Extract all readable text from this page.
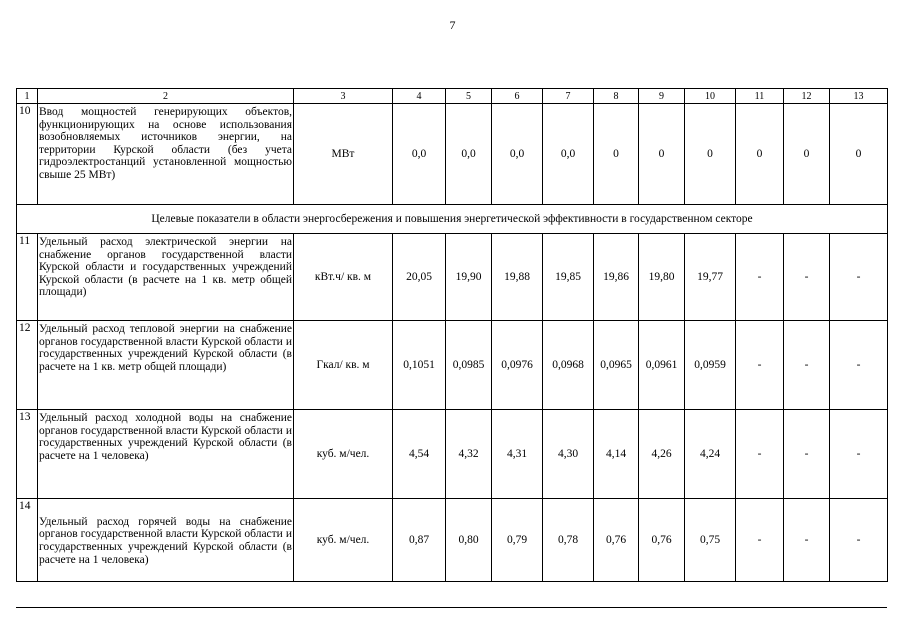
7
1	2	3	4	5	6	7	8	9	10	11	12	13
10	Ввод мощностей генерирующих объектов, функционирующих на основе использования возобновляемых источников энергии, на территории Курской области (без учета гидроэлектростанций установленной мощностью свыше 25 МВт)	МВт	0,0	0,0	0,0	0,0	0	0	0	0	0	0
Целевые показатели в области энергосбережения и повышения энергетической эффективности в государственном секторе												
11	Удельный расход электрической энергии на снабжение органов государственной власти Курской области и государственных учреждений Курской области (в расчете на 1 кв. метр общей площади)	кВт.ч/ кв. м	20,05	19,90	19,88	19,85	19,86	19,80	19,77	-	-	-
12	Удельный расход тепловой энергии на снабжение органов государственной власти Курской области и государственных учреждений Курской области (в расчете на 1 кв. метр общей площади)	Гкал/ кв. м	0,1051	0,0985	0,0976	0,0968	0,0965	0,0961	0,0959	-	-	-
13	Удельный расход холодной воды на снабжение органов государственной власти Курской области и государственных учреждений Курской области (в расчете на 1 человека)	куб. м/чел.	4,54	4,32	4,31	4,30	4,14	4,26	4,24	-	-	-
14	Удельный расход горячей воды на снабжение органов государственной власти Курской области и государственных учреждений Курской области (в расчете на 1 человека)	куб. м/чел.	0,87	0,80	0,79	0,78	0,76	0,76	0,75	-	-	-
